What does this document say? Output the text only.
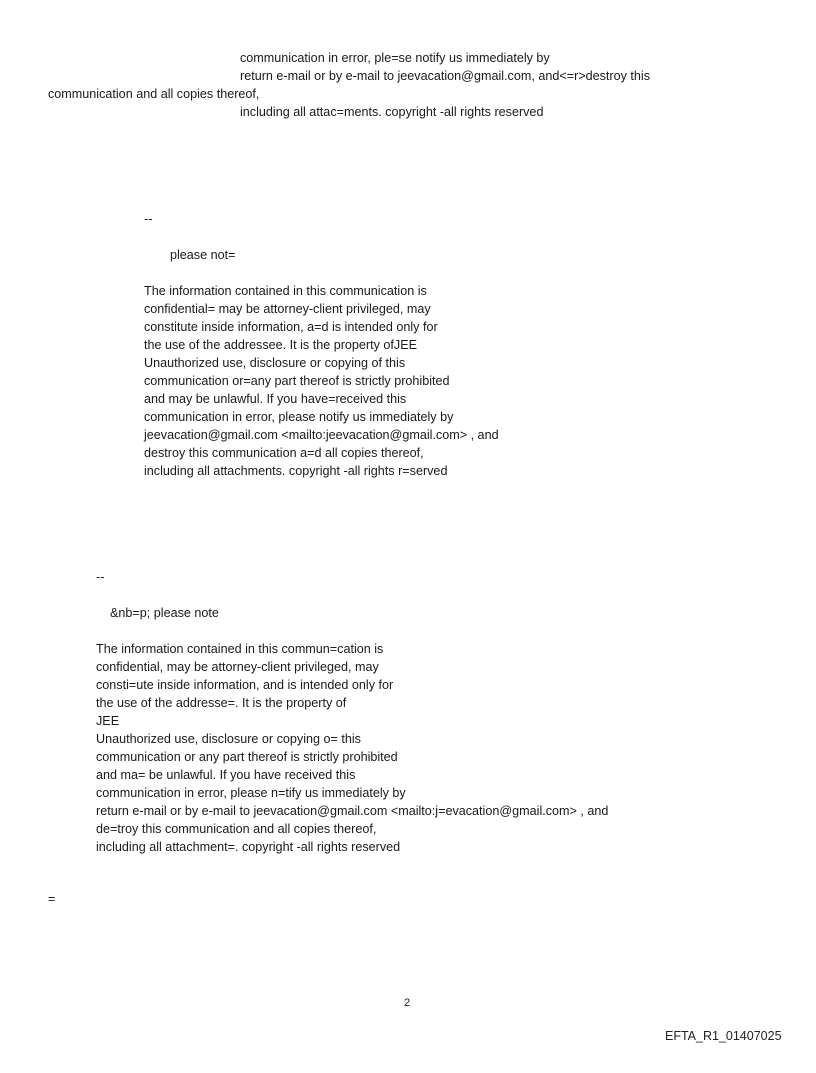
communication in error, ple=se notify us immediately by

return e-mail or by e-mail to jeevacation@gmail.com, and<=r>destroy this

communication and all copies thereof,

including all attac=ments. copyright -all rights reserved

--

please not=

The information contained in this communication is

confidential= may be attorney-client privileged, may

constitute inside information, a=d is intended only for

the use of the addressee. It is the property ofJEE

Unauthorized use, disclosure or copying of this

communication or=any part thereof is strictly prohibited

and may be unlawful. If you have=received this

communication in error, please notify us immediately by

jeevacation@gmail.com <mailto:jeevacation@gmail.com> , and

destroy this communication a=d all copies thereof,

including all attachments. copyright -all rights r=served

--

&nb=p; please note

The information contained in this commun=cation is

confidential, may be attorney-client privileged, may

consti=ute inside information, and is intended only for

the use of the addresse=. It is the property of

JEE

Unauthorized use, disclosure or copying o= this

communication or any part thereof is strictly prohibited

and ma= be unlawful. If you have received this

communication in error, please n=tify us immediately by

return e-mail or by e-mail to jeevacation@gmail.com <mailto:j=evacation@gmail.com> , and

de=troy this communication and all copies thereof,

including all attachment=. copyright -all rights reserved

=

2
EFTA_R1_01407025
